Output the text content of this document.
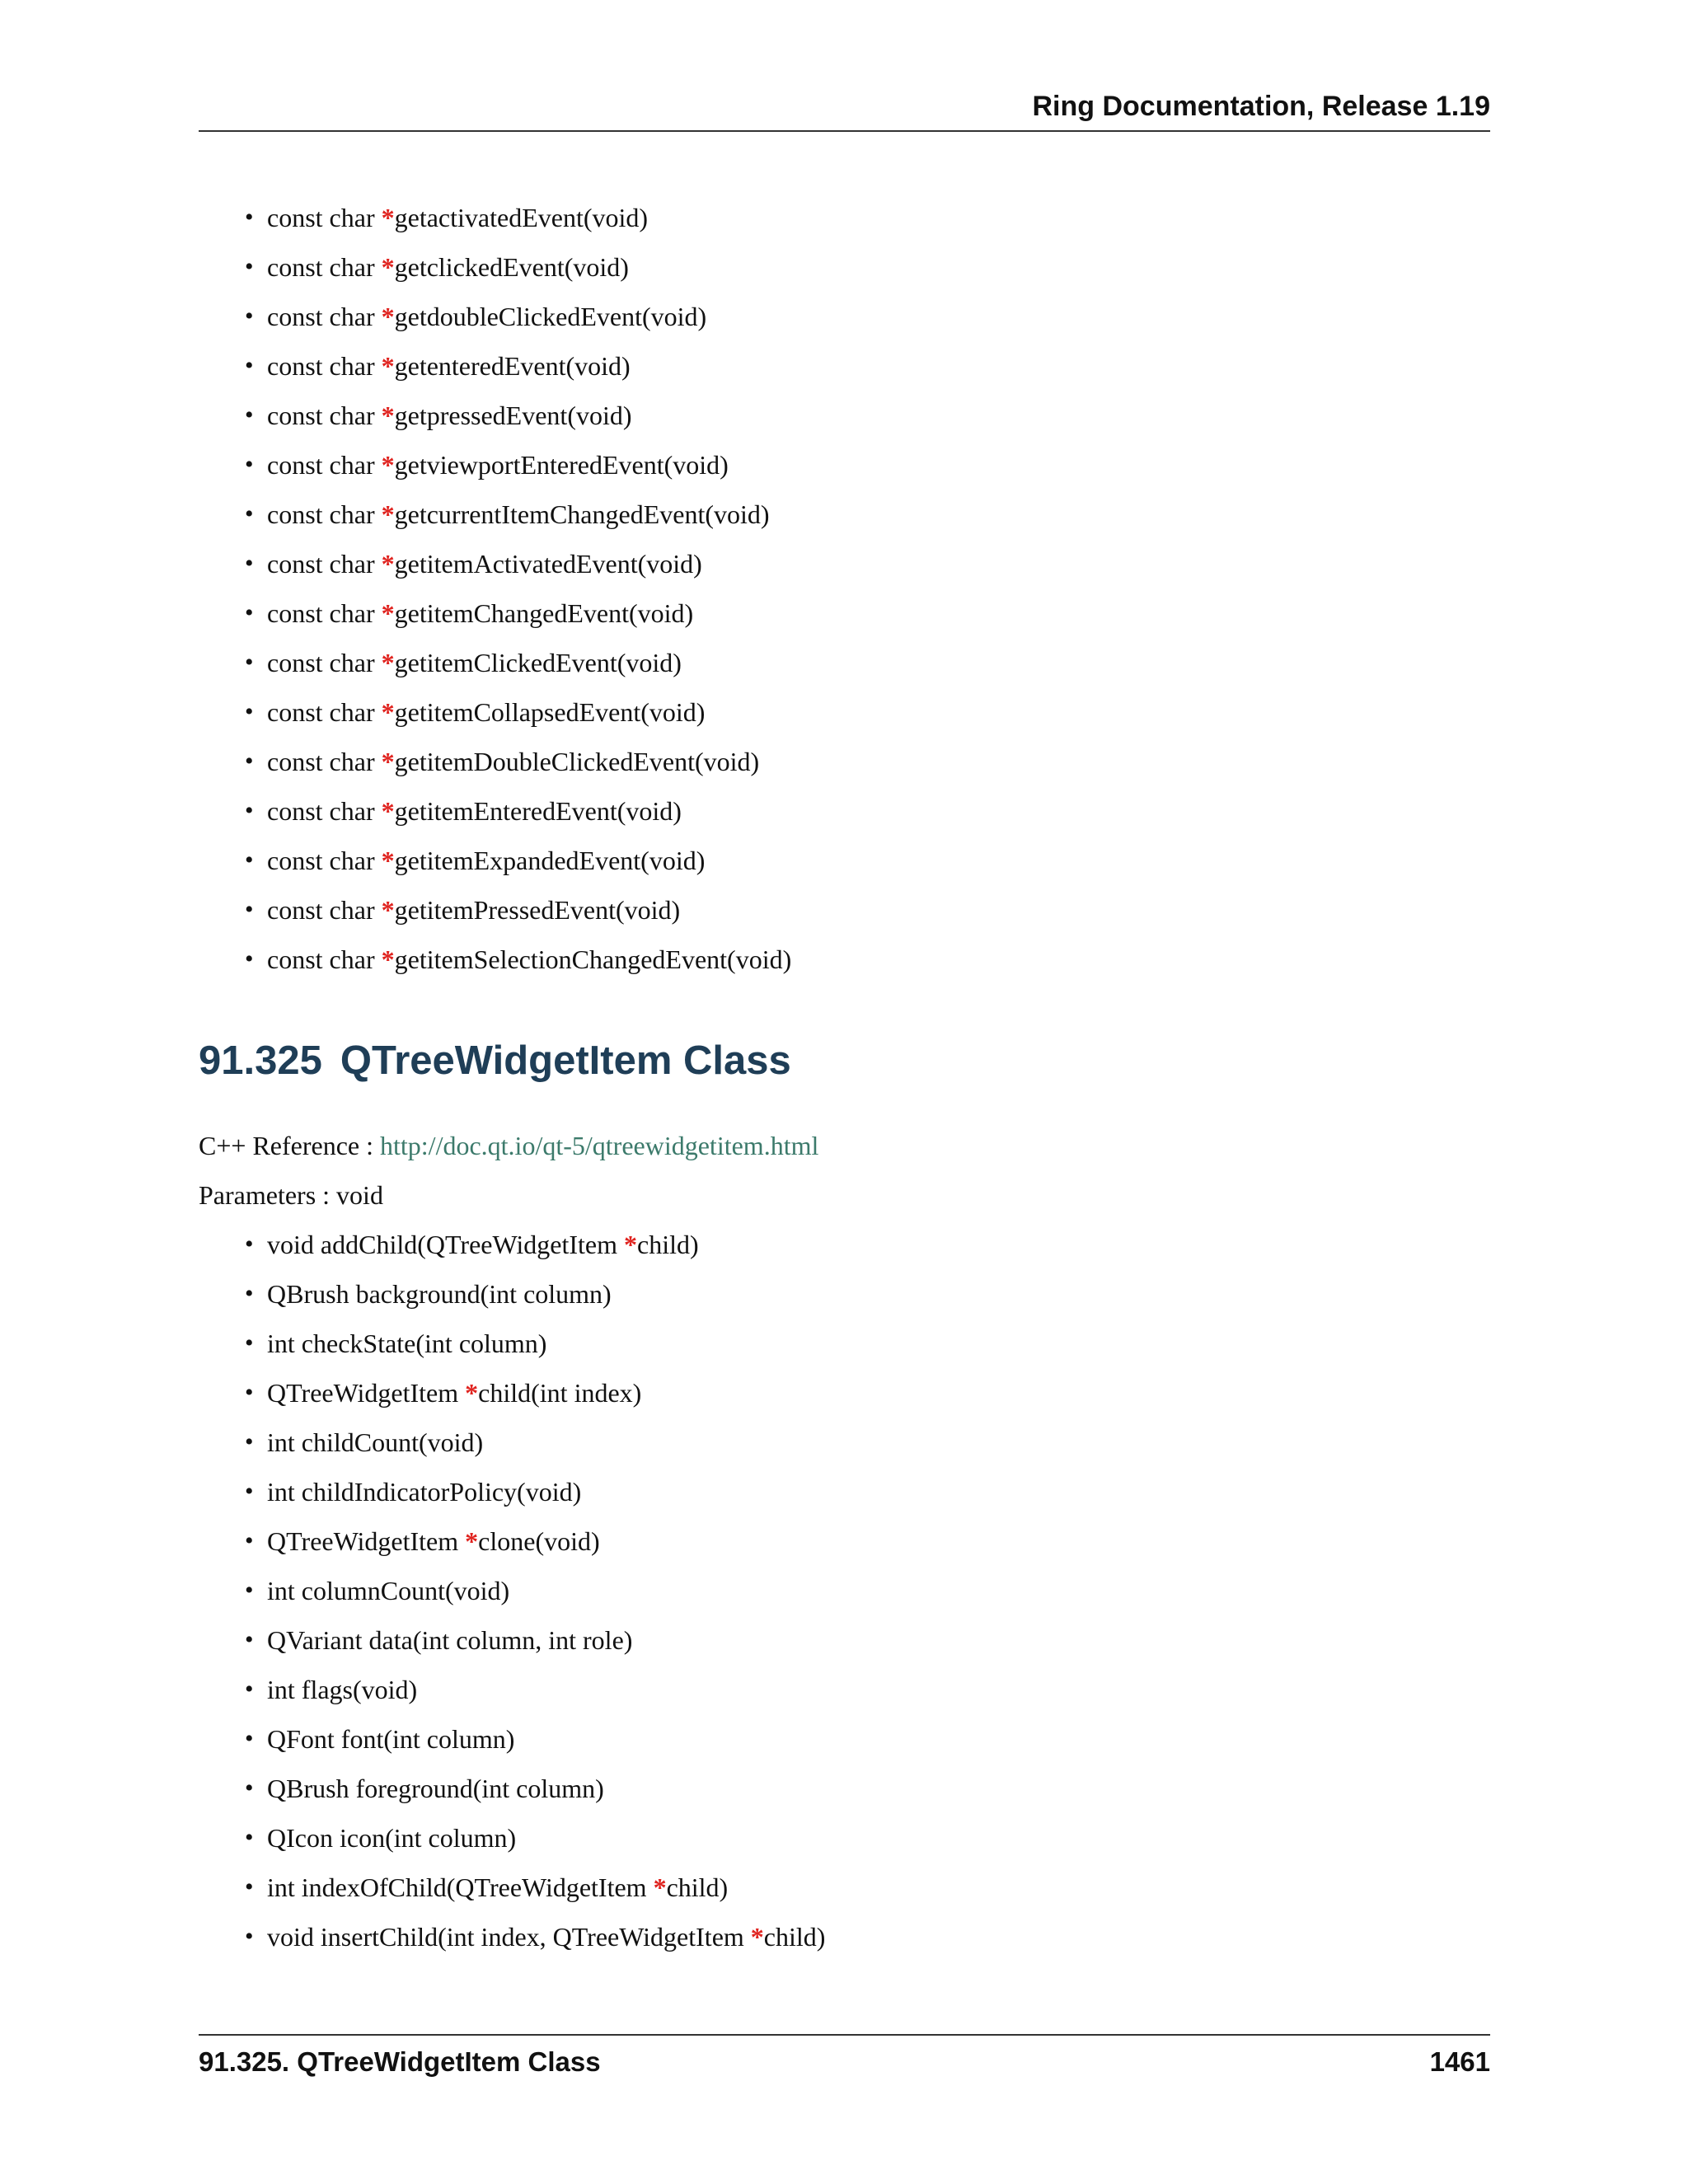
Ring Documentation, Release 1.19
• const char *getactivatedEvent(void)
• const char *getclickedEvent(void)
• const char *getdoubleClickedEvent(void)
• const char *getenteredEvent(void)
• const char *getpressedEvent(void)
• const char *getviewportEnteredEvent(void)
• const char *getcurrentItemChangedEvent(void)
• const char *getitemActivatedEvent(void)
• const char *getitemChangedEvent(void)
• const char *getitemClickedEvent(void)
• const char *getitemCollapsedEvent(void)
• const char *getitemDoubleClickedEvent(void)
• const char *getitemEnteredEvent(void)
• const char *getitemExpandedEvent(void)
• const char *getitemPressedEvent(void)
• const char *getitemSelectionChangedEvent(void)
91.325 QTreeWidgetItem Class

C++ Reference : http://doc.qt.io/qt-5/qtreewidgetitem.html

Parameters : void

• void addChild(QTreeWidgetItem *child)
• QBrush background(int column)
• int checkState(int column)
• QTreeWidgetItem *child(int index)
• int childCount(void)
• int childIndicatorPolicy(void)
• QTreeWidgetItem *clone(void)
• int columnCount(void)
• QVariant data(int column, int role)
• int flags(void)
• QFont font(int column)
• QBrush foreground(int column)
• QIcon icon(int column)
• int indexOfChild(QTreeWidgetItem *child)
• void insertChild(int index, QTreeWidgetItem *child)
91.325. QTreeWidgetItem Class	1461
